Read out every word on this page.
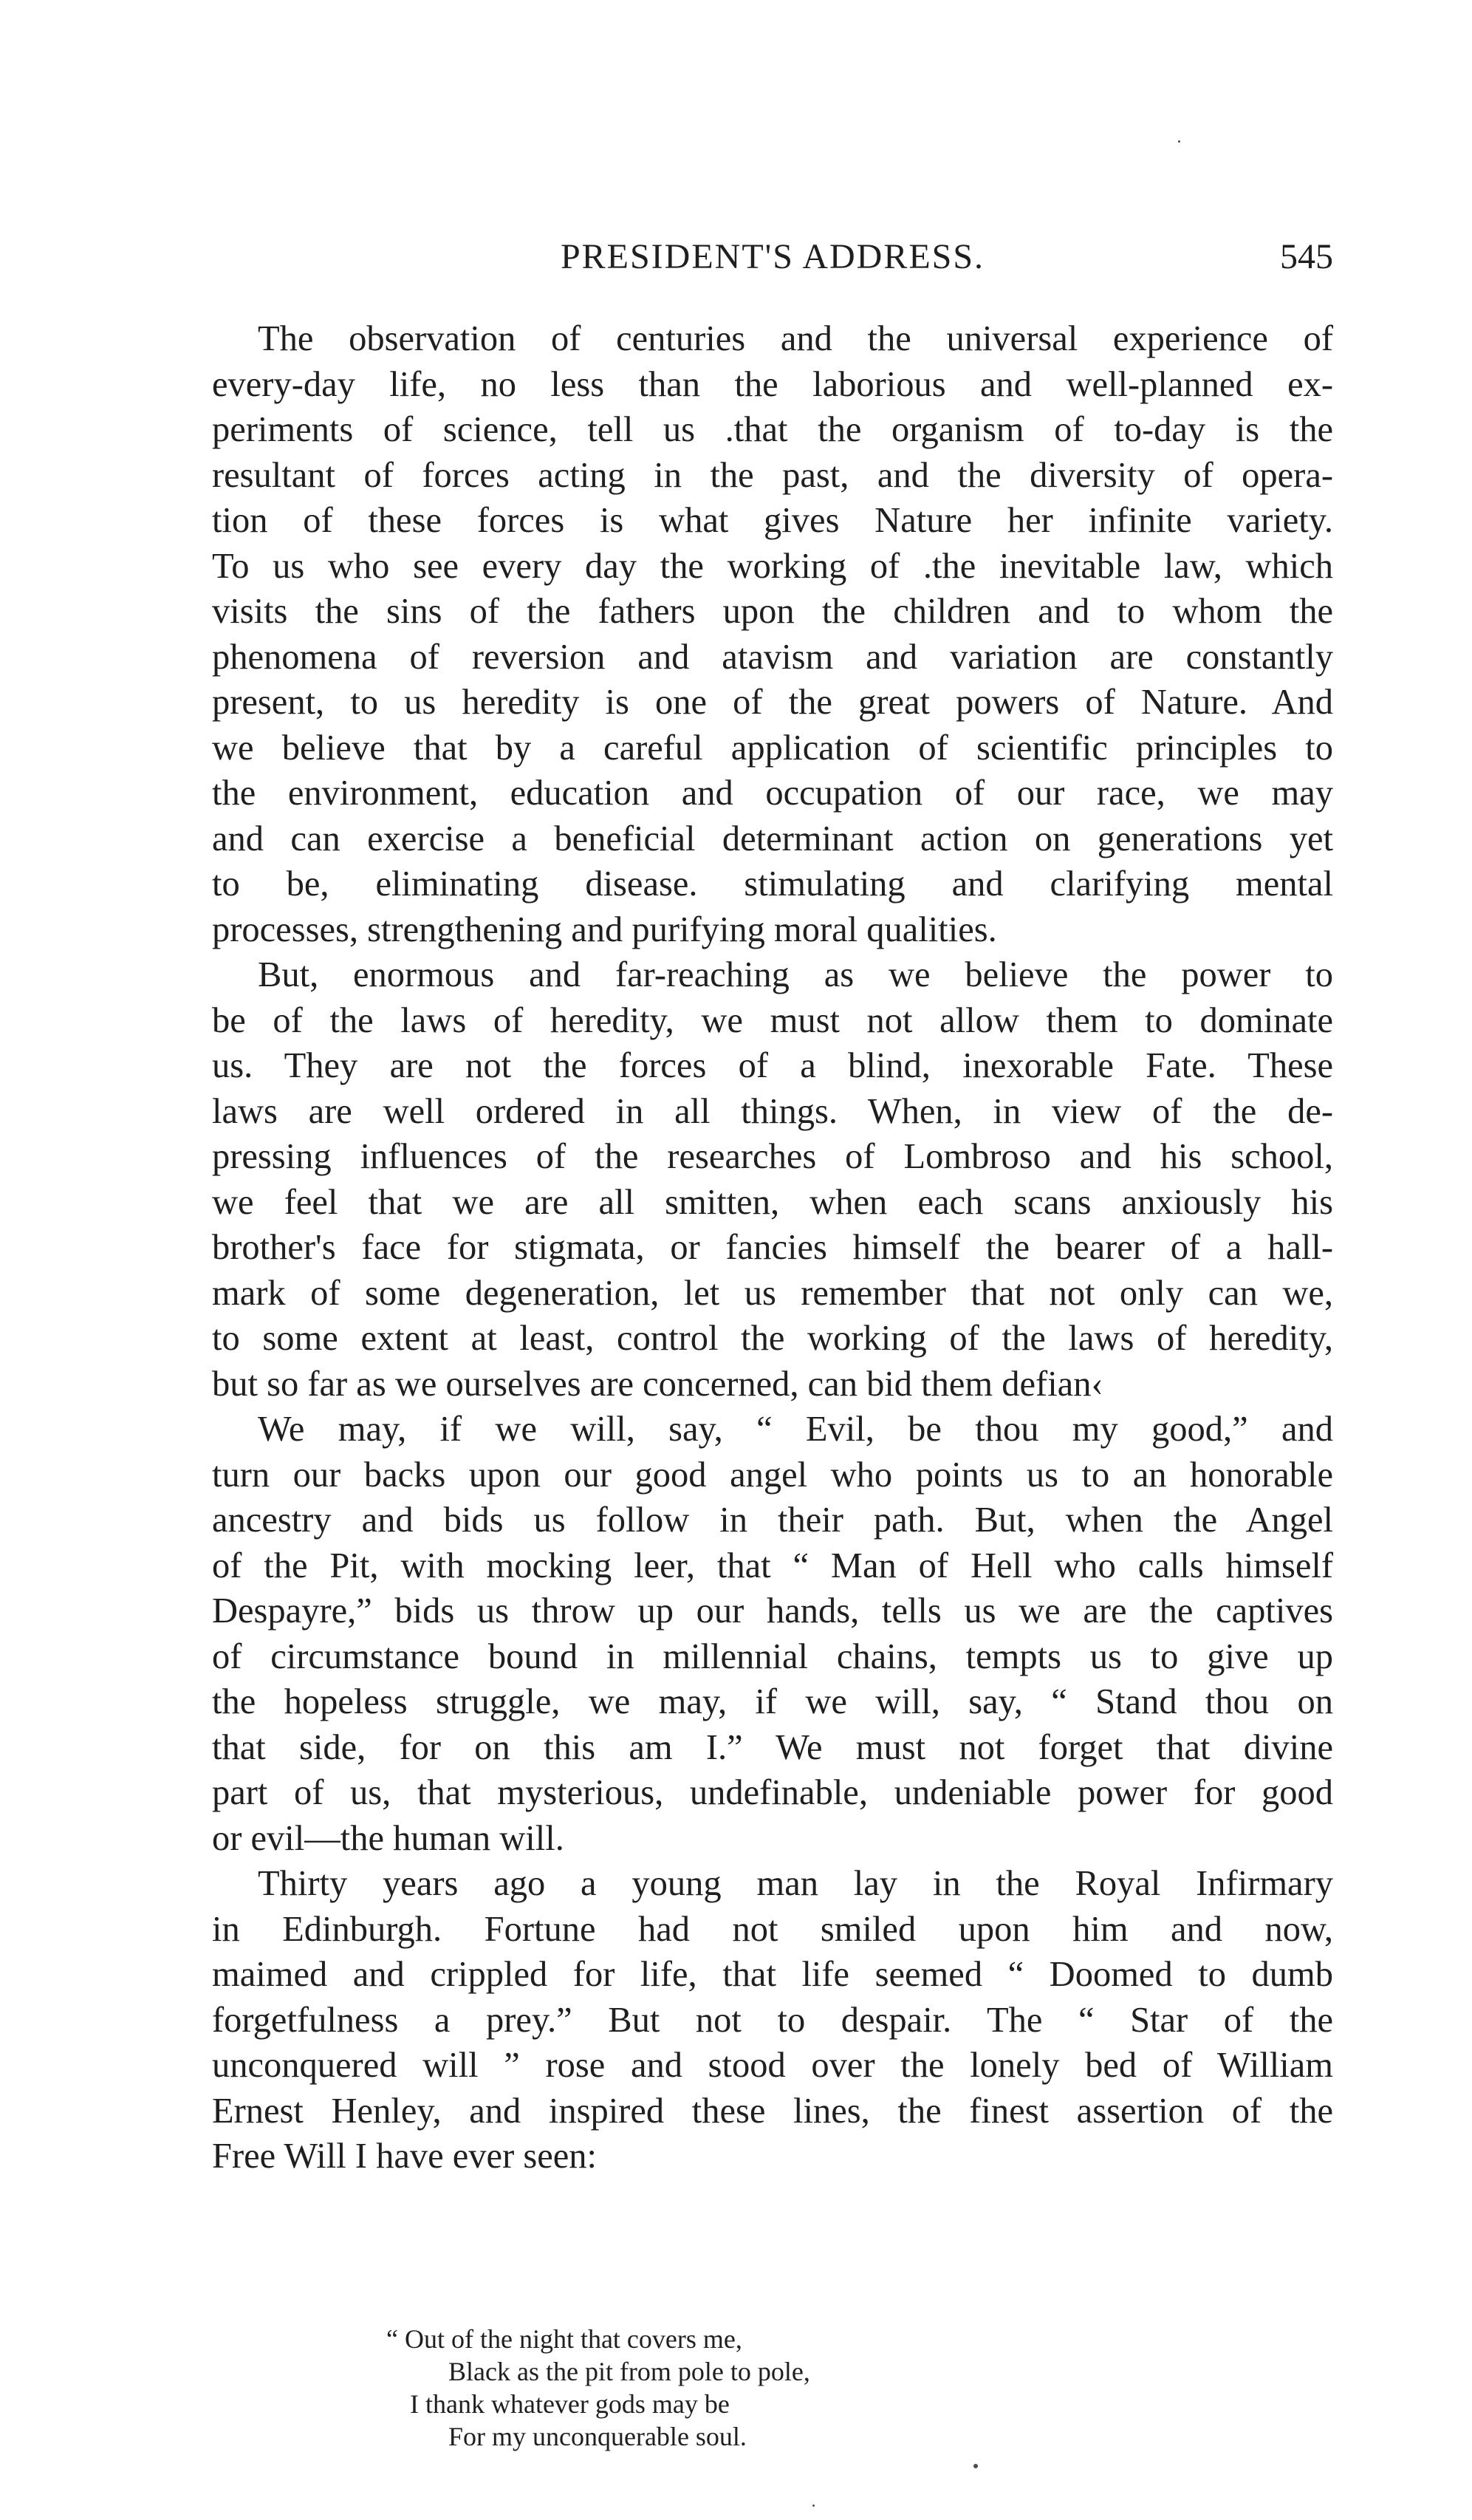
PRESIDENT'S ADDRESS.	545

The observation of centuries and the universal experience of
every-day life, no less than the laborious and well-planned ex-
periments of science, tell us .that the organism of to-day is the
resultant of forces acting in the past, and the diversity of opera-
tion of these forces is what gives Nature her infinite variety.
To us who see every day the working of .the inevitable law, which
visits the sins of the fathers upon the children and to whom the
phenomena of reversion and atavism and variation are constantly
present, to us heredity is one of the great powers of Nature. And
we believe that by a careful application of scientific principles to
the environment, education and occupation of our race, we may
and can exercise a beneficial determinant action on generations yet
to be, eliminating disease. stimulating and clarifying mental
processes, strengthening and purifying moral qualities.

But, enormous and far-reaching as we believe the power to
be of the laws of heredity, we must not allow them to dominate
us. They are not the forces of a blind, inexorable Fate. These
laws are well ordered in all things. When, in view of the de-
pressing influences of the researches of Lombroso and his school,
we feel that we are all smitten, when each scans anxiously his
brother's face for stigmata, or fancies himself the bearer of a hall-
mark of some degeneration, let us remember that not only can we,
to some extent at least, control the working of the laws of heredity,
but so far as we ourselves are concerned, can bid them defian‹

We may, if we will, say, “ Evil, be thou my good,” and
turn our backs upon our good angel who points us to an honorable
ancestry and bids us follow in their path. But, when the Angel
of the Pit, with mocking leer, that “ Man of Hell who calls himself
Despayre,” bids us throw up our hands, tells us we are the captives
of circumstance bound in millennial chains, tempts us to give up
the hopeless struggle, we may, if we will, say, “ Stand thou on
that side, for on this am I.” We must not forget that divine
part of us, that mysterious, undefinable, undeniable power for good
or evil—the human will.

Thirty years ago a young man lay in the Royal Infirmary
in Edinburgh. Fortune had not smiled upon him and now,
maimed and crippled for life, that life seemed “ Doomed to dumb
forgetfulness a prey.” But not to despair. The “ Star of the
unconquered will ” rose and stood over the lonely bed of William
Ernest Henley, and inspired these lines, the finest assertion of the
Free Will I have ever seen:

“ Out of the night that covers me,
Black as the pit from pole to pole,
I thank whatever gods may be
For my unconquerable soul.
